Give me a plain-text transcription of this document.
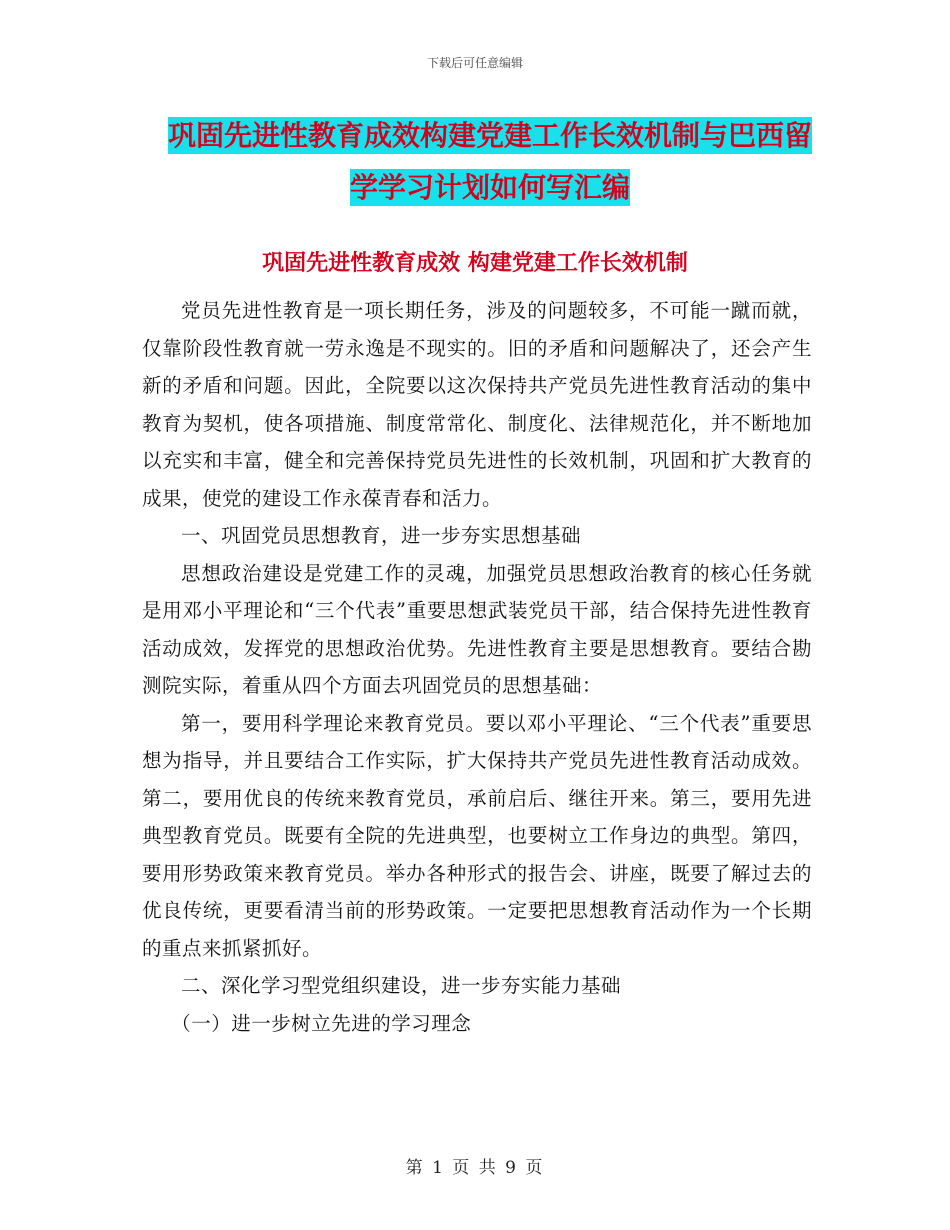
下载后可任意编辑
巩固先进性教育成效构建党建工作长效机制与巴西留
学学习计划如何写汇编
巩固先进性教育成效 构建党建工作长效机制

党员先进性教育是一项长期任务，涉及的问题较多，不可能一蹴而就，仅靠阶段性教育就一劳永逸是不现实的。旧的矛盾和问题解决了，还会产生新的矛盾和问题。因此，全院要以这次保持共产党员先进性教育活动的集中教育为契机，使各项措施、制度常常化、制度化、法律规范化，并不断地加以充实和丰富，健全和完善保持党员先进性的长效机制，巩固和扩大教育的成果，使党的建设工作永葆青春和活力。

一、巩固党员思想教育，进一步夯实思想基础

思想政治建设是党建工作的灵魂，加强党员思想政治教育的核心任务就是用邓小平理论和“三个代表”重要思想武装党员干部，结合保持先进性教育活动成效，发挥党的思想政治优势。先进性教育主要是思想教育。要结合勘测院实际，着重从四个方面去巩固党员的思想基础：

第一，要用科学理论来教育党员。要以邓小平理论、“三个代表”重要思想为指导，并且要结合工作实际，扩大保持共产党员先进性教育活动成效。第二，要用优良的传统来教育党员，承前启后、继往开来。第三，要用先进典型教育党员。既要有全院的先进典型，也要树立工作身边的典型。第四，要用形势政策来教育党员。举办各种形式的报告会、讲座，既要了解过去的优良传统，更要看清当前的形势政策。一定要把思想教育活动作为一个长期的重点来抓紧抓好。

二、深化学习型党组织建设，进一步夯实能力基础

（一）进一步树立先进的学习理念

第 1 页 共 9 页
